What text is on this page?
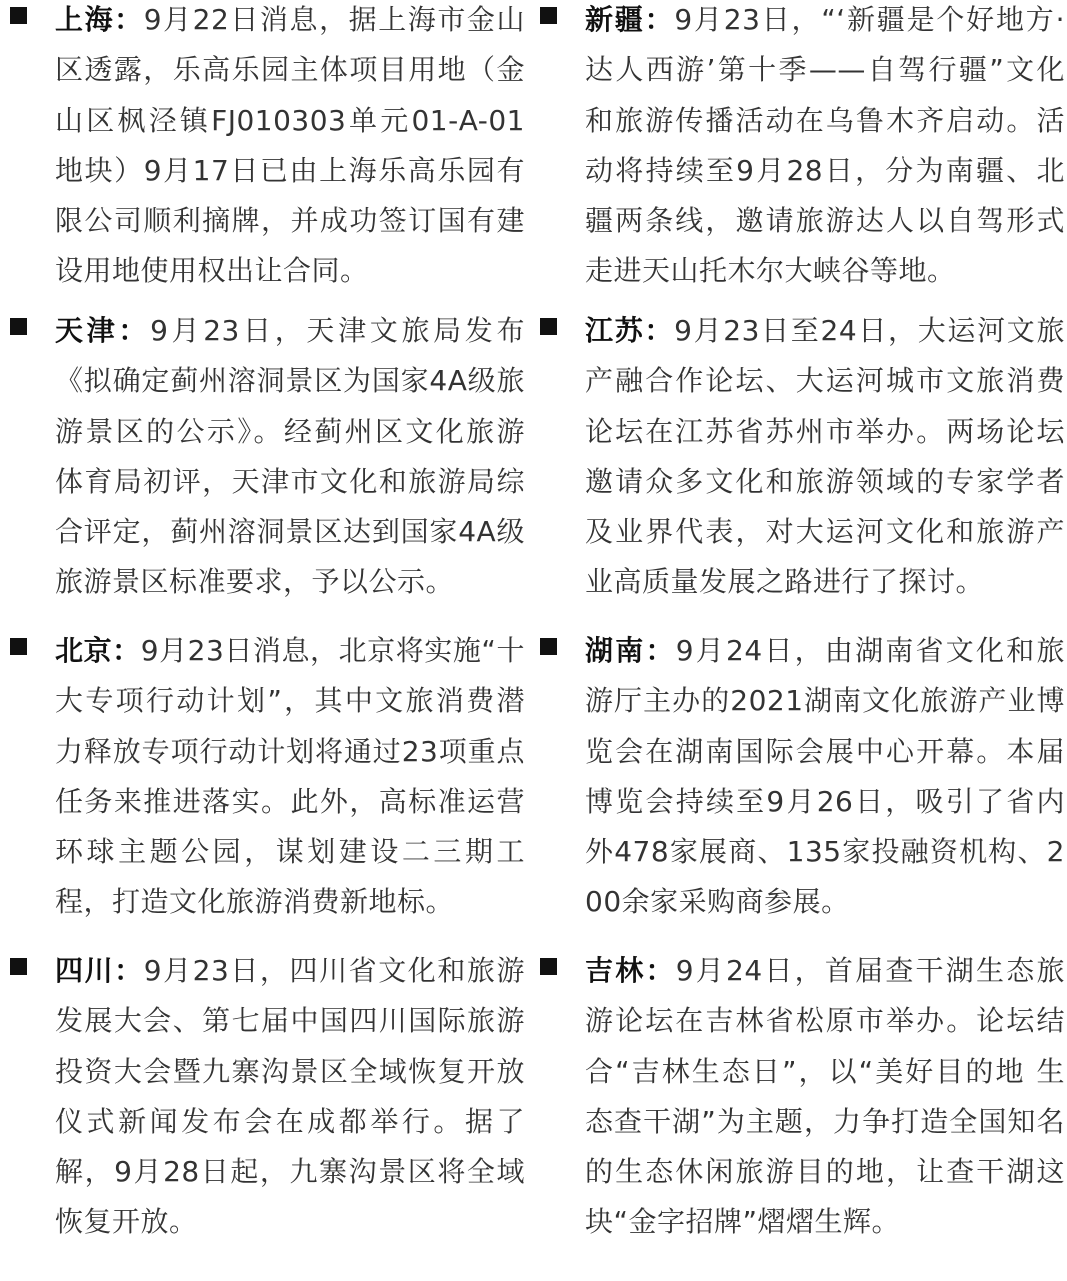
上海：9月22日消息，据上海市金山区透露，乐高乐园主体项目用地（金山区枫泾镇FJ010303单元01-A-01地块）9月17日已由上海乐高乐园有限公司顺利摘牌，并成功签订国有建设用地使用权出让合同。
新疆：9月23日，“‘新疆是个好地方·达人西游’第十季——自驾行疆”文化和旅游传播活动在乌鲁木齐启动。活动将持续至9月28日，分为南疆、北疆两条线，邀请旅游达人以自驾形式走进天山托木尔大峡谷等地。
天津：9月23日，天津文旅局发布《拟确定蓟州溶洞景区为国家4A级旅游景区的公示》。经蓟州区文化旅游体育局初评，天津市文化和旅游局综合评定，蓟州溶洞景区达到国家4A级旅游景区标准要求，予以公示。
江苏：9月23日至24日，大运河文旅产融合作论坛、大运河城市文旅消费论坛在江苏省苏州市举办。两场论坛邀请众多文化和旅游领域的专家学者及业界代表，对大运河文化和旅游产业高质量发展之路进行了探讨。
北京：9月23日消息，北京将实施“十大专项行动计划”，其中文旅消费潜力释放专项行动计划将通过23项重点任务来推进落实。此外，高标准运营环球主题公园，谋划建设二三期工程，打造文化旅游消费新地标。
湖南：9月24日，由湖南省文化和旅游厅主办的2021湖南文化旅游产业博览会在湖南国际会展中心开幕。本届博览会持续至9月26日，吸引了省内外478家展商、135家投融资机构、200余家采购商参展。
四川：9月23日，四川省文化和旅游发展大会、第七届中国四川国际旅游投资大会暨九寨沟景区全域恢复开放仪式新闻发布会在成都举行。据了解，9月28日起，九寨沟景区将全域恢复开放。
吉林：9月24日，首届查干湖生态旅游论坛在吉林省松原市举办。论坛结合“吉林生态日”，以“美好目的地 生态查干湖”为主题，力争打造全国知名的生态休闲旅游目的地，让查干湖这块“金字招牌”熠熠生辉。
